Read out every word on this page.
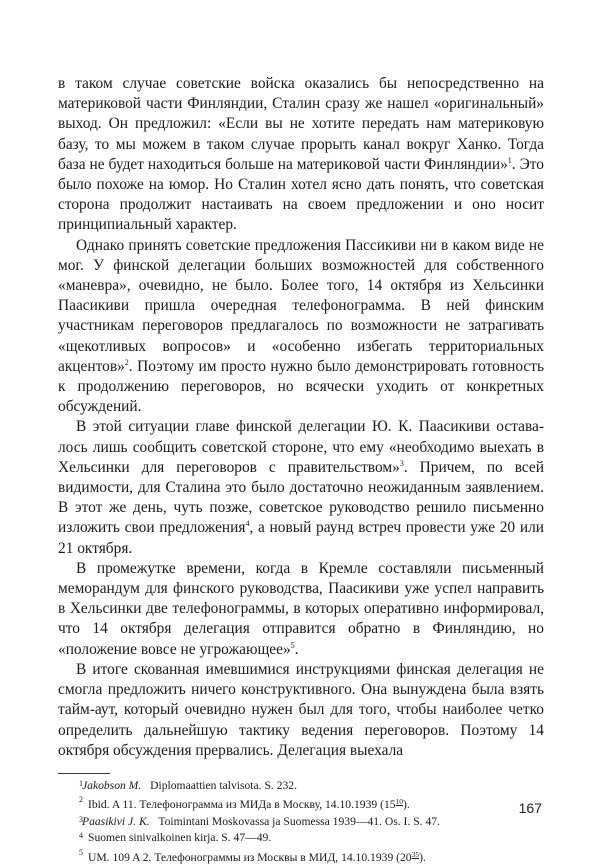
в таком случае советские войска оказались бы непосредственно на материковой части Финляндии, Сталин сразу же нашел «оригинальный» выход. Он предложил: «Если вы не хотите передать нам материковую базу, то мы можем в таком случае прорыть канал вокруг Ханко. Тогда база не будет находиться больше на материковой части Финляндии»$^1$. Это было похоже на юмор. Но Сталин хотел ясно дать понять, что советская сторона продолжит настаивать на своем предложении и оно носит принципиальный характер.

Однако принять советские предложения Пассикиви ни в каком виде не мог. У финской делегации больших возможностей для собственного «маневра», очевидно, не было. Более того, 14 октября из Хельсинки Паасикиви пришла очередная телефонограмма. В ней финским участникам переговоров предлагалось по возможности не затрагивать «щекотливых вопросов» и «особенно избегать территориальных акцентов»$^2$. Поэтому им просто нужно было демонстрировать готовность к продолжению переговоров, но всячески уходить от конкретных обсуждений.

В этой ситуации главе финской делегации Ю. К. Паасикиви оставалось лишь сообщить советской стороне, что ему «необходимо выехать в Хельсинки для переговоров с правительством»$^3$. Причем, по всей видимости, для Сталина это было достаточно неожиданным заявлением. В этот же день, чуть позже, советское руководство решило письменно изложить свои предложения$^4$, а новый раунд встреч провести уже 20 или 21 октября.

В промежутке времени, когда в Кремле составляли письменный меморандум для финского руководства, Паасикиви уже успел направить в Хельсинки две телефонограммы, в которых оперативно информировал, что 14 октября делегация отправится обратно в Финляндию, но «положение вовсе не угрожающее»$^5$.

В итоге скованная имевшимися инструкциями финская делегация не смогла предложить ничего конструктивного. Она вынуждена была взять тайм-аут, который очевидно нужен был для того, чтобы наиболее четко определить дальнейшую тактику ведения переговоров. Поэтому 14 октября обсуждения прервались. Делегация выехала

1 Jakobson M. Diplomaattien talvisota. S. 232.
2 Ibid. A 11. Телефонограмма из МИДа в Москву, 14.10.1939 (15$^{10}$).
3 Paasikivi J. K. Toimintani Moskovassa ja Suomessa 1939—41. Os. I. S. 47.
4 Suomen sinivalkoinen kirja. S. 47—49.
5 UM. 109 A 2. Телефонограммы из Москвы в МИД, 14.10.1939 (20$^{35}$).
167
